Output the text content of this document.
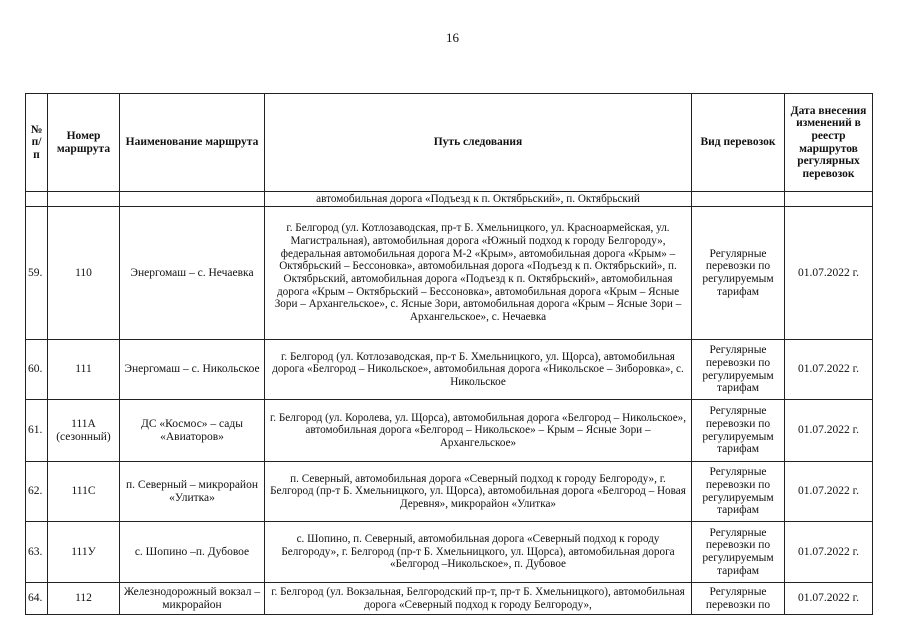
16
№ п/п	Номер маршрута	Наименование маршрута	Путь следования	Вид перевозок	Дата внесения изменений в реестр маршрутов регулярных перевозок
			автомобильная дорога «Подъезд к п. Октябрьский», п. Октябрьский		
59.	110	Энергомаш – с. Нечаевка	г. Белгород (ул. Котлозаводская, пр-т Б. Хмельницкого, ул. Красноармейская, ул. Магистральная), автомобильная дорога «Южный подход к городу Белгороду», федеральная автомобильная дорога М-2 «Крым», автомобильная дорога «Крым» – Октябрьский – Бессоновка», автомобильная дорога «Подъезд к п. Октябрьский», п. Октябрьский, автомобильная дорога «Подъезд к п. Октябрьский», автомобильная дорога «Крым – Октябрьский – Бессоновка», автомобильная дорога «Крым – Ясные Зори – Архангельское», с. Ясные Зори, автомобильная дорога «Крым – Ясные Зори – Архангельское», с. Нечаевка	Регулярные перевозки по регулируемым тарифам	01.07.2022 г.
60.	111	Энергомаш – с. Никольское	г. Белгород (ул. Котлозаводская, пр-т Б. Хмельницкого, ул. Щорса), автомобильная дорога «Белгород – Никольское», автомобильная дорога «Никольское – Зиборовка», с. Никольское	Регулярные перевозки по регулируемым тарифам	01.07.2022 г.
61.	111А (сезонный)	ДС «Космос» – сады «Авиаторов»	г. Белгород (ул. Королева, ул. Щорса), автомобильная дорога «Белгород – Никольское», автомобильная дорога «Белгород – Никольское» – Крым – Ясные Зори – Архангельское»	Регулярные перевозки по регулируемым тарифам	01.07.2022 г.
62.	111С	п. Северный – микрорайон «Улитка»	п. Северный, автомобильная дорога «Северный подход к городу Белгороду», г. Белгород (пр-т Б. Хмельницкого, ул. Щорса), автомобильная дорога «Белгород – Новая Деревня», микрорайон «Улитка»	Регулярные перевозки по регулируемым тарифам	01.07.2022 г.
63.	111У	с. Шопино –п. Дубовое	с. Шопино, п. Северный, автомобильная дорога «Северный подход к городу Белгороду», г. Белгород (пр-т Б. Хмельницкого, ул. Щорса), автомобильная дорога «Белгород –Никольское», п. Дубовое	Регулярные перевозки по регулируемым тарифам	01.07.2022 г.
64.	112	Железнодорожный вокзал – микрорайон	г. Белгород (ул. Вокзальная, Белгородский пр-т, пр-т Б. Хмельницкого), автомобильная дорога «Северный подход к городу Белгороду»,	Регулярные перевозки по	01.07.2022 г.
